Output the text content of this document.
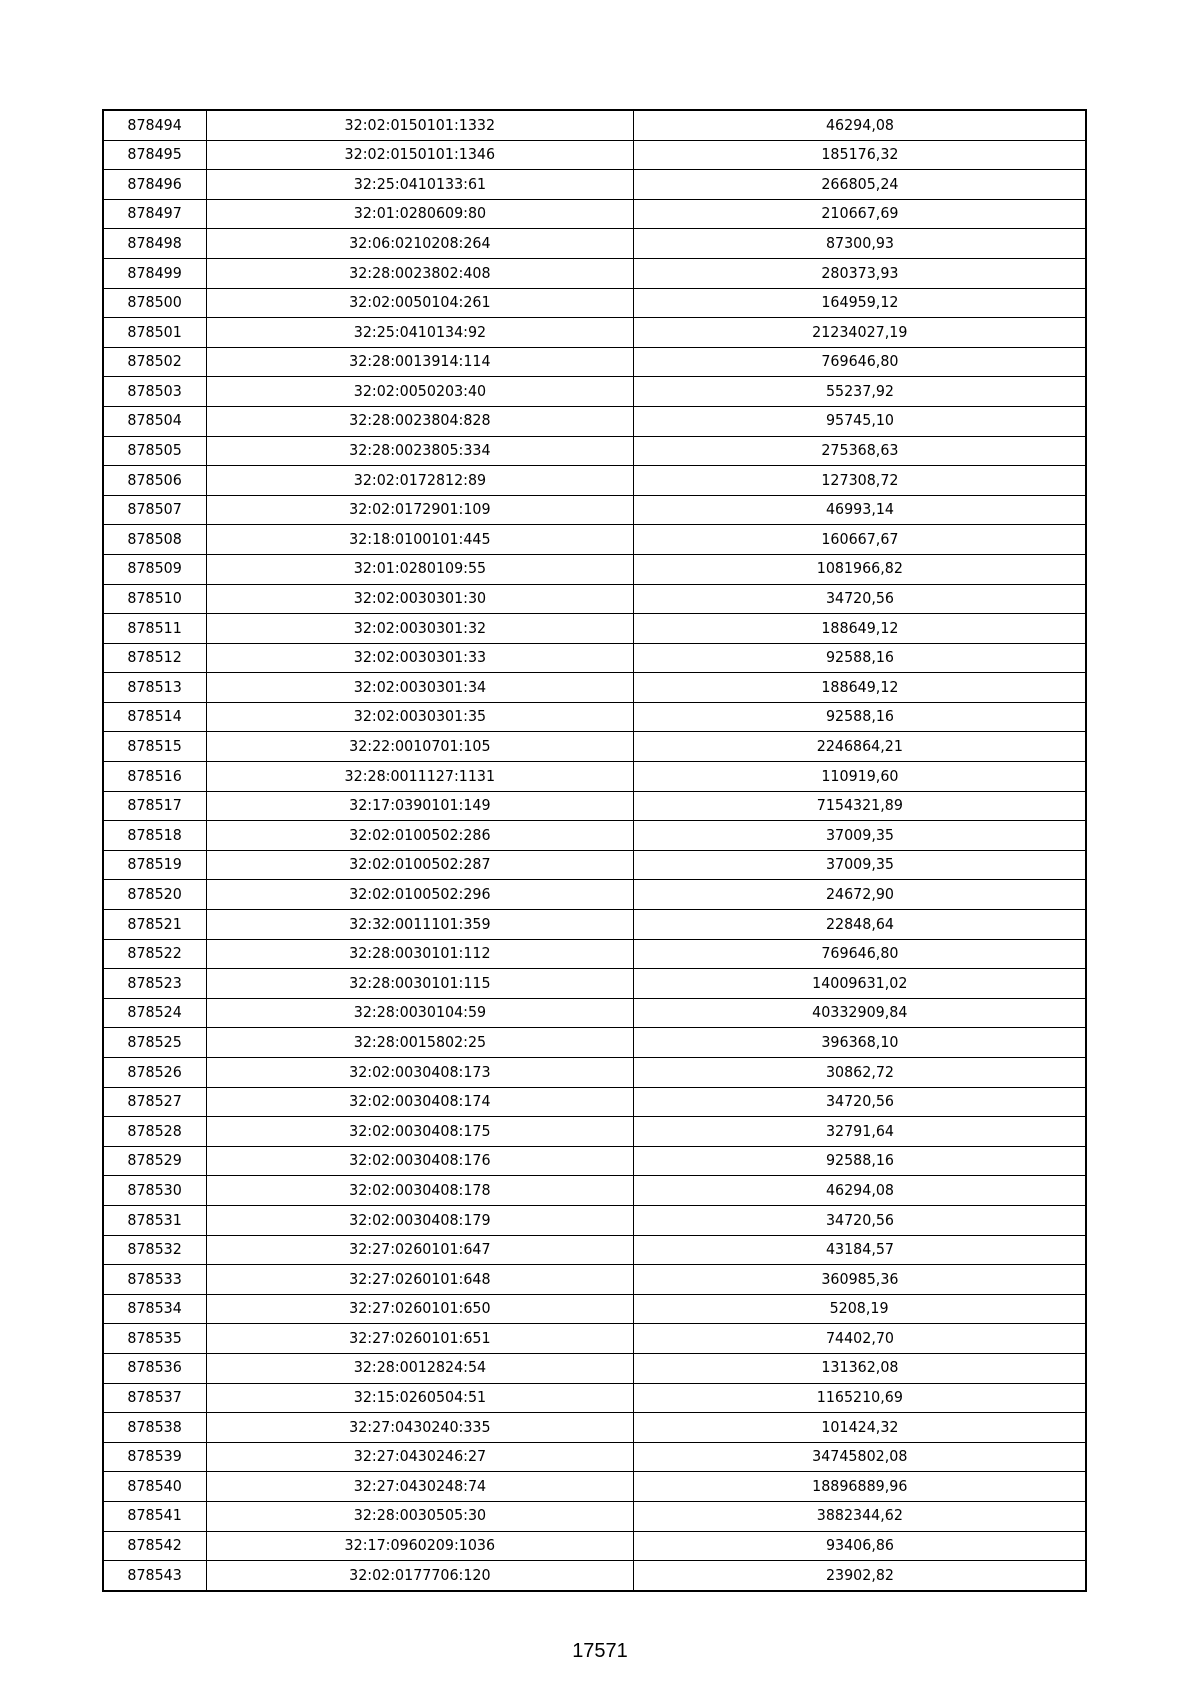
878494	32:02:0150101:1332	46294,08
878495	32:02:0150101:1346	185176,32
878496	32:25:0410133:61	266805,24
878497	32:01:0280609:80	210667,69
878498	32:06:0210208:264	87300,93
878499	32:28:0023802:408	280373,93
878500	32:02:0050104:261	164959,12
878501	32:25:0410134:92	21234027,19
878502	32:28:0013914:114	769646,80
878503	32:02:0050203:40	55237,92
878504	32:28:0023804:828	95745,10
878505	32:28:0023805:334	275368,63
878506	32:02:0172812:89	127308,72
878507	32:02:0172901:109	46993,14
878508	32:18:0100101:445	160667,67
878509	32:01:0280109:55	1081966,82
878510	32:02:0030301:30	34720,56
878511	32:02:0030301:32	188649,12
878512	32:02:0030301:33	92588,16
878513	32:02:0030301:34	188649,12
878514	32:02:0030301:35	92588,16
878515	32:22:0010701:105	2246864,21
878516	32:28:0011127:1131	110919,60
878517	32:17:0390101:149	7154321,89
878518	32:02:0100502:286	37009,35
878519	32:02:0100502:287	37009,35
878520	32:02:0100502:296	24672,90
878521	32:32:0011101:359	22848,64
878522	32:28:0030101:112	769646,80
878523	32:28:0030101:115	14009631,02
878524	32:28:0030104:59	40332909,84
878525	32:28:0015802:25	396368,10
878526	32:02:0030408:173	30862,72
878527	32:02:0030408:174	34720,56
878528	32:02:0030408:175	32791,64
878529	32:02:0030408:176	92588,16
878530	32:02:0030408:178	46294,08
878531	32:02:0030408:179	34720,56
878532	32:27:0260101:647	43184,57
878533	32:27:0260101:648	360985,36
878534	32:27:0260101:650	5208,19
878535	32:27:0260101:651	74402,70
878536	32:28:0012824:54	131362,08
878537	32:15:0260504:51	1165210,69
878538	32:27:0430240:335	101424,32
878539	32:27:0430246:27	34745802,08
878540	32:27:0430248:74	18896889,96
878541	32:28:0030505:30	3882344,62
878542	32:17:0960209:1036	93406,86
878543	32:02:0177706:120	23902,82
17571
